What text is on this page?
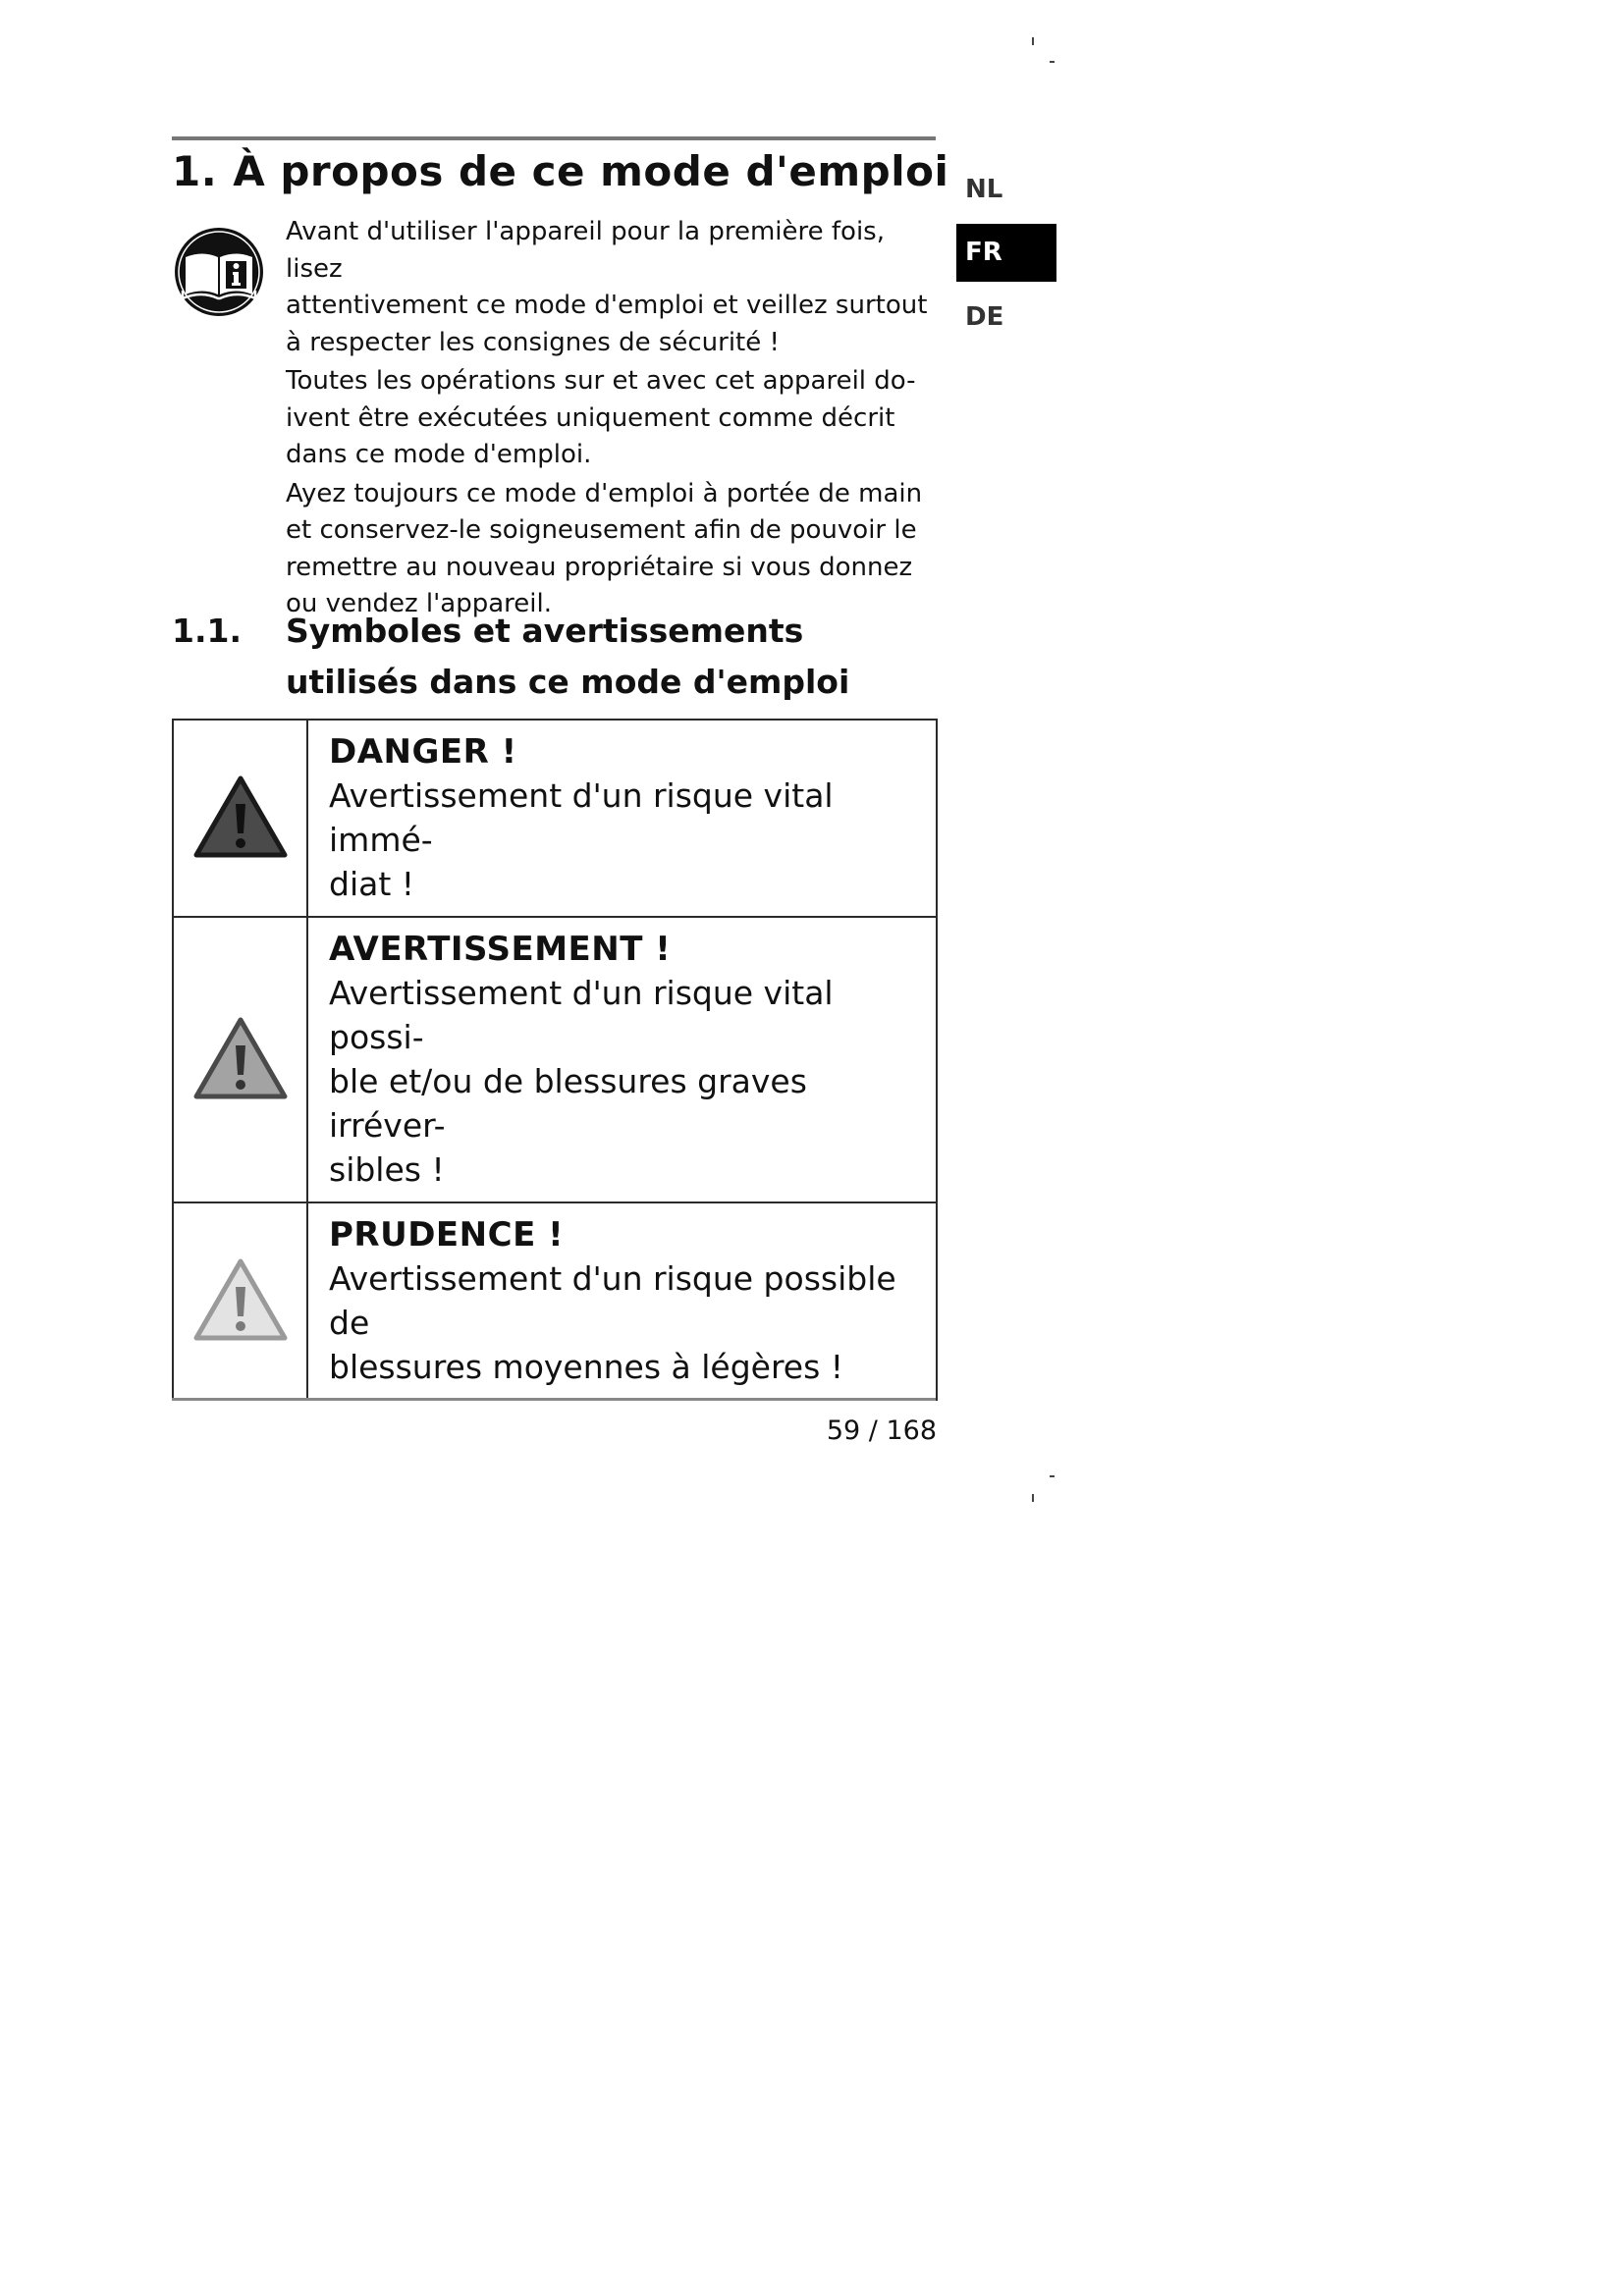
1. À propos de ce mode d'emploi

Avant d'utiliser l'appareil pour la première fois, lisez
attentivement ce mode d'emploi et veillez surtout
à respecter les consignes de sécurité !

Toutes les opérations sur et avec cet appareil do-
ivent être exécutées uniquement comme décrit
dans ce mode d'emploi.

Ayez toujours ce mode d'emploi à portée de main
et conservez-le soigneusement afin de pouvoir le
remettre au nouveau propriétaire si vous donnez
ou vendez l'appareil.

1.1. Symboles et avertissements
utilisés dans ce mode d'emploi

DANGER !

Avertissement d'un risque vital immé-
diat !

AVERTISSEMENT !

Avertissement d'un risque vital possi-
ble et/ou de blessures graves irréver-
sibles !

PRUDENCE !

Avertissement d'un risque possible de
blessures moyennes à légères !

NL
FR
DE
59 / 168
